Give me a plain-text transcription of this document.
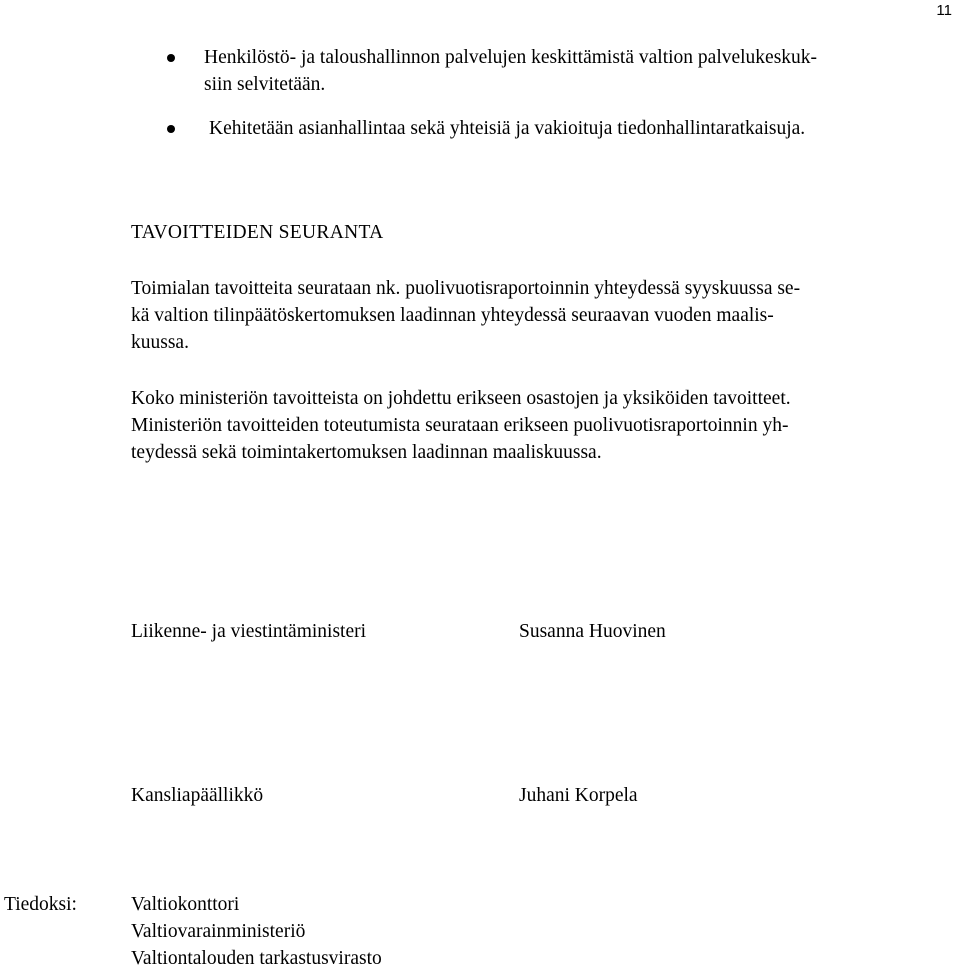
11
Henkilöstö- ja taloushallinnon palvelujen keskittämistä valtion palvelukeskuk-
siin selvitetään.
Kehitetään asianhallintaa sekä yhteisiä ja vakioituja tiedonhallintaratkaisuja.
TAVOITTEIDEN SEURANTA
Toimialan tavoitteita seurataan nk. puolivuotisraportoinnin yhteydessä syyskuussa se-
kä valtion tilinpäätöskertomuksen laadinnan yhteydessä seuraavan vuoden maalis-
kuussa.
Koko ministeriön tavoitteista on johdettu erikseen osastojen ja yksiköiden tavoitteet.
Ministeriön tavoitteiden toteutumista seurataan erikseen puolivuotisraportoinnin yh-
teydessä sekä toimintakertomuksen laadinnan maaliskuussa.
Liikenne- ja viestintäministeri	Susanna Huovinen
Kansliapäällikkö	Juhani Korpela
Tiedoksi:	Valtiokonttori
Valtiovarainministeriö
Valtiontalouden tarkastusvirasto
